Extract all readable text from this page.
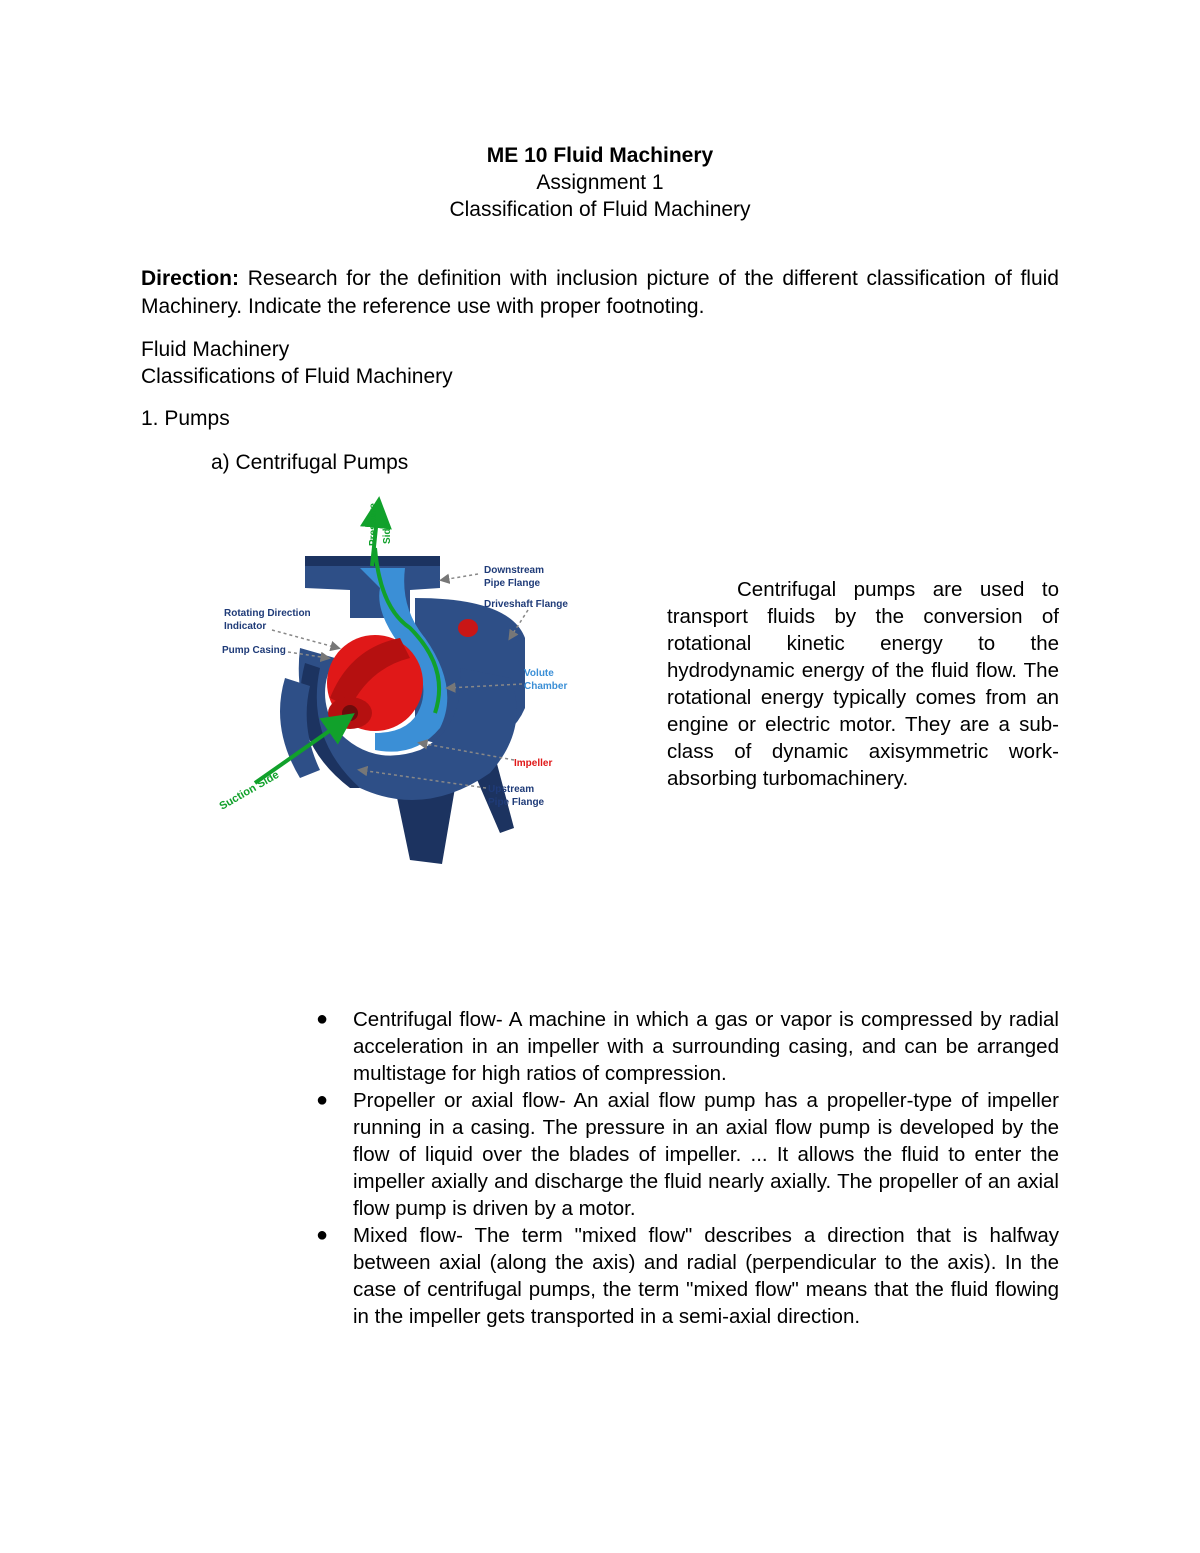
ME 10 Fluid Machinery
Assignment 1
Classification of Fluid Machinery
Direction: Research for the definition with inclusion picture of the different classification of fluid Machinery. Indicate the reference use with proper footnoting.
Fluid Machinery
Classifications of Fluid Machinery
1. Pumps
a) Centrifugal Pumps
Pressure Side
Downstream
Pipe Flange
Driveshaft Flange
Rotating Direction
Indicator
Pump Casing
Volute
Chamber
Impeller
Upstream
Pipe Flange
Suction Side
Centrifugal pumps are used to transport fluids by the conversion of rotational kinetic energy to the hydrodynamic energy of the fluid flow. The rotational energy typically comes from an engine or electric motor. They are a sub-class of dynamic axisymmetric work-absorbing turbomachinery.
● Centrifugal flow- A machine in which a gas or vapor is compressed by radial acceleration in an impeller with a surrounding casing, and can be arranged multistage for high ratios of compression.
● Propeller or axial flow- An axial flow pump has a propeller-type of impeller running in a casing. The pressure in an axial flow pump is developed by the flow of liquid over the blades of impeller. ... It allows the fluid to enter the impeller axially and discharge the fluid nearly axially. The propeller of an axial flow pump is driven by a motor.
● Mixed flow- The term "mixed flow" describes a direction that is halfway between axial (along the axis) and radial (perpendicular to the axis). In the case of centrifugal pumps, the term "mixed flow" means that the fluid flowing in the impeller gets transported in a semi-axial direction.
